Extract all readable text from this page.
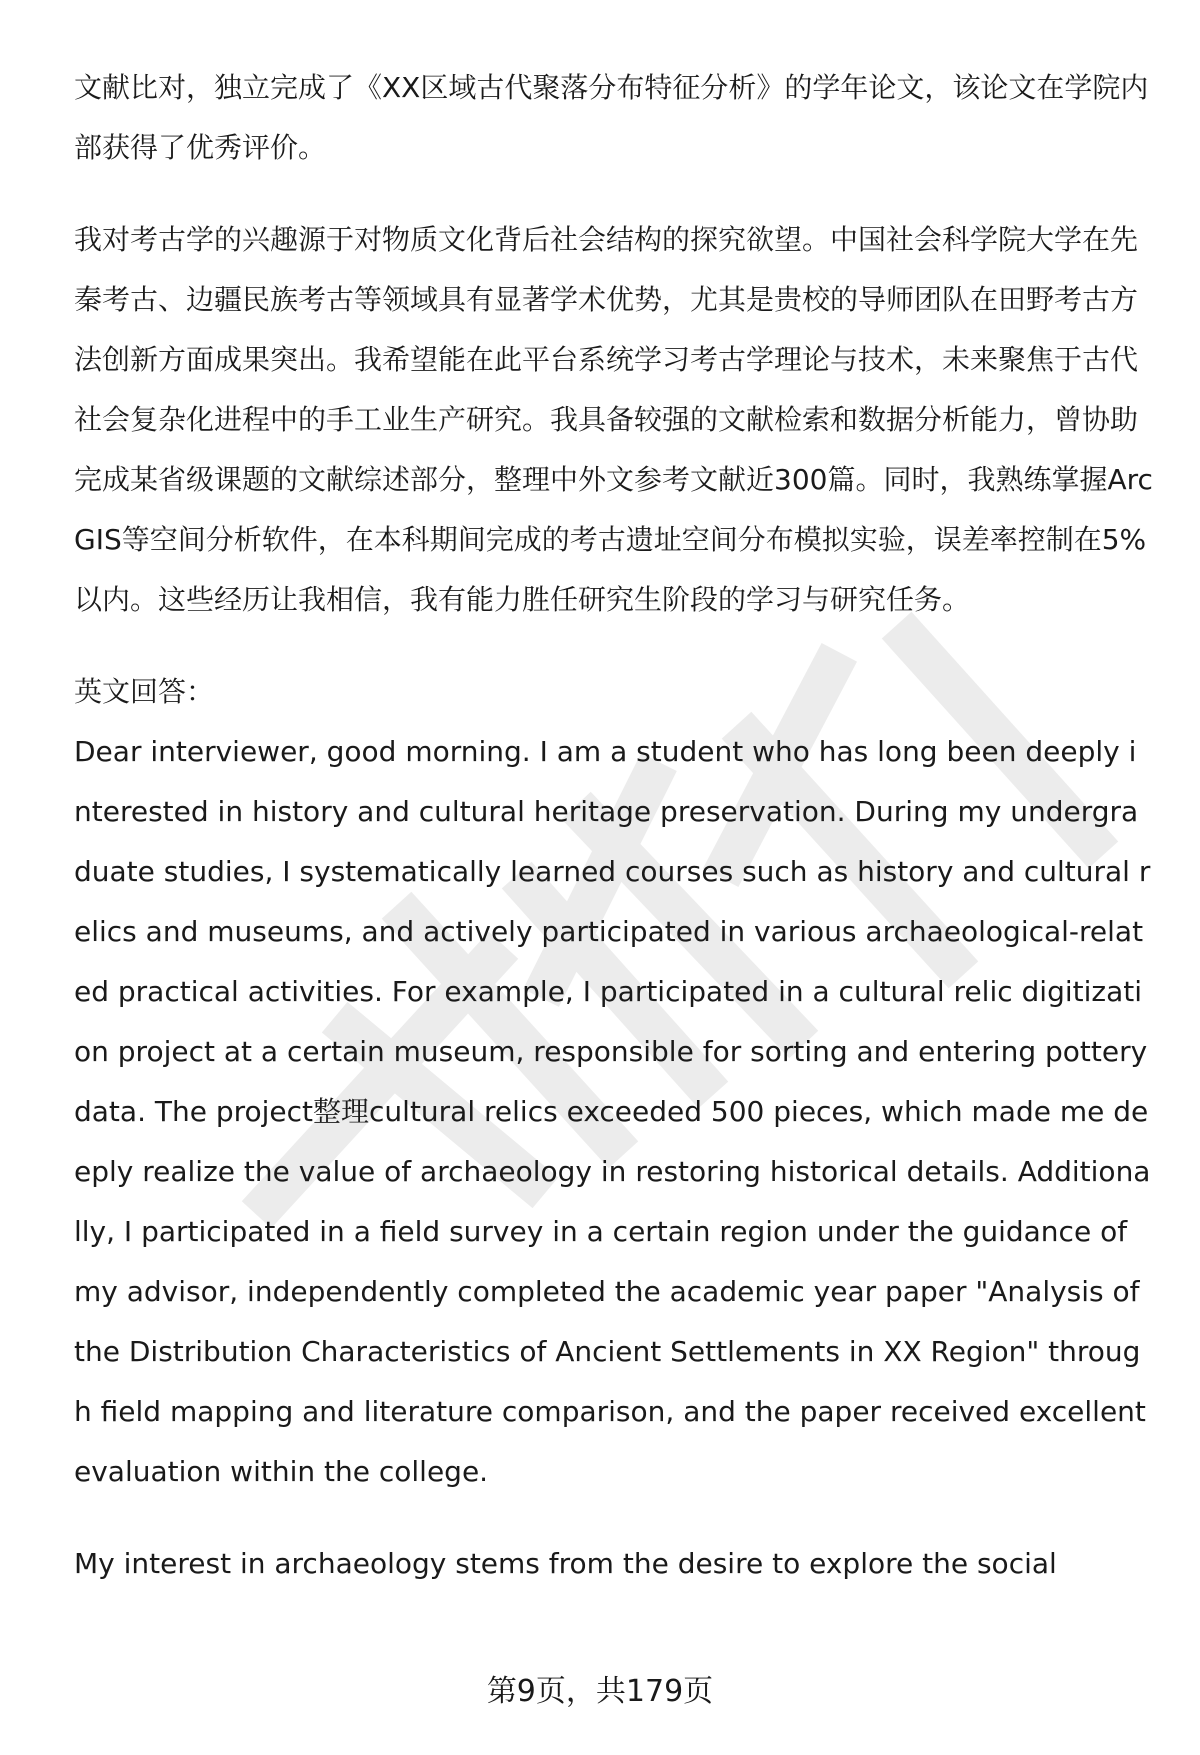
文献比对，独立完成了《XX区域古代聚落分布特征分析》的学年论文，该论文在学院内部获得了优秀评价。

我对考古学的兴趣源于对物质文化背后社会结构的探究欲望。中国社会科学院大学在先秦考古、边疆民族考古等领域具有显著学术优势，尤其是贵校的导师团队在田野考古方法创新方面成果突出。我希望能在此平台系统学习考古学理论与技术，未来聚焦于古代社会复杂化进程中的手工业生产研究。我具备较强的文献检索和数据分析能力，曾协助完成某省级课题的文献综述部分，整理中外文参考文献近300篇。同时，我熟练掌握ArcGIS等空间分析软件，在本科期间完成的考古遗址空间分布模拟实验，误差率控制在5%以内。这些经历让我相信，我有能力胜任研究生阶段的学习与研究任务。

英文回答：

Dear interviewer, good morning. I am a student who has long been deeply interested in history and cultural heritage preservation. During my undergraduate studies, I systematically learned courses such as history and cultural relics and museums, and actively participated in various archaeological-related practical activities. For example, I participated in a cultural relic digitization project at a certain museum, responsible for sorting and entering pottery data. The project整理cultural relics exceeded 500 pieces, which made me deeply realize the value of archaeology in restoring historical details. Additionally, I participated in a field survey in a certain region under the guidance of my advisor, independently completed the academic year paper "Analysis of the Distribution Characteristics of Ancient Settlements in XX Region" through field mapping and literature comparison, and the paper received excellent evaluation within the college.

My interest in archaeology stems from the desire to explore the social

第9页，共179页
